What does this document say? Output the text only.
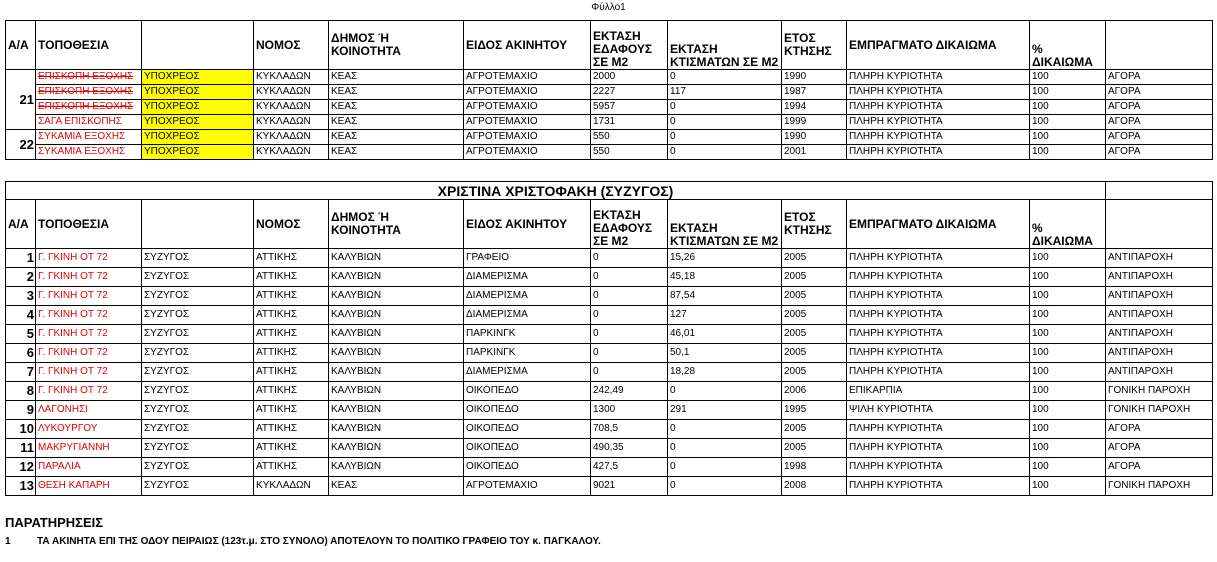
Φύλλο1
Α/Α	ΤΟΠΟΘΕΣΙΑ		ΝΟΜΟΣ	ΔΗΜΟΣ Ή ΚΟΙΝΟΤΗΤΑ	ΕΙΔΟΣ ΑΚΙΝΗΤΟΥ	ΕΚΤΑΣΗ ΕΔΑΦΟΥΣ ΣΕ Μ2	ΕΚΤΑΣΗ ΚΤΙΣΜΑΤΩΝ ΣΕ Μ2	ΕΤΟΣ ΚΤΗΣΗΣ	ΕΜΠΡΑΓΜΑΤΟ ΔΙΚΑΙΩΜΑ	% ΔΙΚΑΙΩΜΑ	
21	ΕΠΙΣΚΟΠΗ ΕΞΟΧΗΣ	ΥΠΟΧΡΕΟΣ	ΚΥΚΛΑΔΩΝ	ΚΕΑΣ	ΑΓΡΟΤΕΜΑΧΙΟ	2000	0	1990	ΠΛΗΡΗ ΚΥΡΙΟΤΗΤΑ	100	ΑΓΟΡΑ
	ΕΠΙΣΚΟΠΗ ΕΞΟΧΗΣ	ΥΠΟΧΡΕΟΣ	ΚΥΚΛΑΔΩΝ	ΚΕΑΣ	ΑΓΡΟΤΕΜΑΧΙΟ	2227	117	1987	ΠΛΗΡΗ ΚΥΡΙΟΤΗΤΑ	100	ΑΓΟΡΑ
	ΕΠΙΣΚΟΠΗ ΕΞΟΧΗΣ	ΥΠΟΧΡΕΟΣ	ΚΥΚΛΑΔΩΝ	ΚΕΑΣ	ΑΓΡΟΤΕΜΑΧΙΟ	5957	0	1994	ΠΛΗΡΗ ΚΥΡΙΟΤΗΤΑ	100	ΑΓΟΡΑ
	ΣΑΓΑ ΕΠΙΣΚΟΠΗΣ	ΥΠΟΧΡΕΟΣ	ΚΥΚΛΑΔΩΝ	ΚΕΑΣ	ΑΓΡΟΤΕΜΑΧΙΟ	1731	0	1999	ΠΛΗΡΗ ΚΥΡΙΟΤΗΤΑ	100	ΑΓΟΡΑ
22	ΣΥΚΑΜΙΑ ΕΞΟΧΗΣ	ΥΠΟΧΡΕΟΣ	ΚΥΚΛΑΔΩΝ	ΚΕΑΣ	ΑΓΡΟΤΕΜΑΧΙΟ	550	0	1990	ΠΛΗΡΗ ΚΥΡΙΟΤΗΤΑ	100	ΑΓΟΡΑ
	ΣΥΚΑΜΙΑ ΕΞΟΧΗΣ	ΥΠΟΧΡΕΟΣ	ΚΥΚΛΑΔΩΝ	ΚΕΑΣ	ΑΓΡΟΤΕΜΑΧΙΟ	550	0	2001	ΠΛΗΡΗ ΚΥΡΙΟΤΗΤΑ	100	ΑΓΟΡΑ
ΧΡΙΣΤΙΝΑ ΧΡΙΣΤΟΦΑΚΗ (ΣΥΖΥΓΟΣ)											
Α/Α	ΤΟΠΟΘΕΣΙΑ		ΝΟΜΟΣ	ΔΗΜΟΣ Ή ΚΟΙΝΟΤΗΤΑ	ΕΙΔΟΣ ΑΚΙΝΗΤΟΥ	ΕΚΤΑΣΗ ΕΔΑΦΟΥΣ ΣΕ Μ2	ΕΚΤΑΣΗ ΚΤΙΣΜΑΤΩΝ ΣΕ Μ2	ΕΤΟΣ ΚΤΗΣΗΣ	ΕΜΠΡΑΓΜΑΤΟ ΔΙΚΑΙΩΜΑ	% ΔΙΚΑΙΩΜΑ	
1	Γ. ΓΚΙΝΗ ΟΤ 72	ΣΥΖΥΓΟΣ	ΑΤΤΙΚΗΣ	ΚΑΛΥΒΙΩΝ	ΓΡΑΦΕΙΟ	0	15,26	2005	ΠΛΗΡΗ ΚΥΡΙΟΤΗΤΑ	100	ΑΝΤΙΠΑΡΟΧΗ
2	Γ. ΓΚΙΝΗ ΟΤ 72	ΣΥΖΥΓΟΣ	ΑΤΤΙΚΗΣ	ΚΑΛΥΒΙΩΝ	ΔΙΑΜΕΡΙΣΜΑ	0	45,18	2005	ΠΛΗΡΗ ΚΥΡΙΟΤΗΤΑ	100	ΑΝΤΙΠΑΡΟΧΗ
3	Γ. ΓΚΙΝΗ ΟΤ 72	ΣΥΖΥΓΟΣ	ΑΤΤΙΚΗΣ	ΚΑΛΥΒΙΩΝ	ΔΙΑΜΕΡΙΣΜΑ	0	87,54	2005	ΠΛΗΡΗ ΚΥΡΙΟΤΗΤΑ	100	ΑΝΤΙΠΑΡΟΧΗ
4	Γ. ΓΚΙΝΗ ΟΤ 72	ΣΥΖΥΓΟΣ	ΑΤΤΙΚΗΣ	ΚΑΛΥΒΙΩΝ	ΔΙΑΜΕΡΙΣΜΑ	0	127	2005	ΠΛΗΡΗ ΚΥΡΙΟΤΗΤΑ	100	ΑΝΤΙΠΑΡΟΧΗ
5	Γ. ΓΚΙΝΗ ΟΤ 72	ΣΥΖΥΓΟΣ	ΑΤΤΙΚΗΣ	ΚΑΛΥΒΙΩΝ	ΠΑΡΚΙΝΓΚ	0	46,01	2005	ΠΛΗΡΗ ΚΥΡΙΟΤΗΤΑ	100	ΑΝΤΙΠΑΡΟΧΗ
6	Γ. ΓΚΙΝΗ ΟΤ 72	ΣΥΖΥΓΟΣ	ΑΤΤΙΚΗΣ	ΚΑΛΥΒΙΩΝ	ΠΑΡΚΙΝΓΚ	0	50,1	2005	ΠΛΗΡΗ ΚΥΡΙΟΤΗΤΑ	100	ΑΝΤΙΠΑΡΟΧΗ
7	Γ. ΓΚΙΝΗ ΟΤ 72	ΣΥΖΥΓΟΣ	ΑΤΤΙΚΗΣ	ΚΑΛΥΒΙΩΝ	ΔΙΑΜΕΡΙΣΜΑ	0	18,28	2005	ΠΛΗΡΗ ΚΥΡΙΟΤΗΤΑ	100	ΑΝΤΙΠΑΡΟΧΗ
8	Γ. ΓΚΙΝΗ ΟΤ 72	ΣΥΖΥΓΟΣ	ΑΤΤΙΚΗΣ	ΚΑΛΥΒΙΩΝ	ΟΙΚΟΠΕΔΟ	242,49	0	2006	ΕΠΙΚΑΡΠΙΑ	100	ΓΟΝΙΚΗ ΠΑΡΟΧΗ
9	ΛΑΓΟΝΗΣΙ	ΣΥΖΥΓΟΣ	ΑΤΤΙΚΗΣ	ΚΑΛΥΒΙΩΝ	ΟΙΚΟΠΕΔΟ	1300	291	1995	ΨΙΛΗ ΚΥΡΙΟΤΗΤΑ	100	ΓΟΝΙΚΗ ΠΑΡΟΧΗ
10	ΛΥΚΟΥΡΓΟΥ	ΣΥΖΥΓΟΣ	ΑΤΤΙΚΗΣ	ΚΑΛΥΒΙΩΝ	ΟΙΚΟΠΕΔΟ	708,5	0	2005	ΠΛΗΡΗ ΚΥΡΙΟΤΗΤΑ	100	ΑΓΟΡΑ
11	ΜΑΚΡΥΓΙΑΝΝΗ	ΣΥΖΥΓΟΣ	ΑΤΤΙΚΗΣ	ΚΑΛΥΒΙΩΝ	ΟΙΚΟΠΕΔΟ	490,35	0	2005	ΠΛΗΡΗ ΚΥΡΙΟΤΗΤΑ	100	ΑΓΟΡΑ
12	ΠΑΡΑΛΙΑ	ΣΥΖΥΓΟΣ	ΑΤΤΙΚΗΣ	ΚΑΛΥΒΙΩΝ	ΟΙΚΟΠΕΔΟ	427,5	0	1998	ΠΛΗΡΗ ΚΥΡΙΟΤΗΤΑ	100	ΑΓΟΡΑ
13	ΘΕΣΗ ΚΑΠΑΡΗ	ΣΥΖΥΓΟΣ	ΚΥΚΛΑΔΩΝ	ΚΕΑΣ	ΑΓΡΟΤΕΜΑΧΙΟ	9021	0	2008	ΠΛΗΡΗ ΚΥΡΙΟΤΗΤΑ	100	ΓΟΝΙΚΗ ΠΑΡΟΧΗ
ΠΑΡΑΤΗΡΗΣΕΙΣ
1	ΤΑ ΑΚΙΝΗΤΑ ΕΠΙ ΤΗΣ ΟΔΟΥ ΠΕΙΡΑΙΩΣ (123τ.μ. ΣΤΟ ΣΥΝΟΛΟ) ΑΠΟΤΕΛΟΥΝ ΤΟ ΠΟΛΙΤΙΚΟ ΓΡΑΦΕΙΟ ΤΟΥ κ. ΠΑΓΚΑΛΟΥ.
